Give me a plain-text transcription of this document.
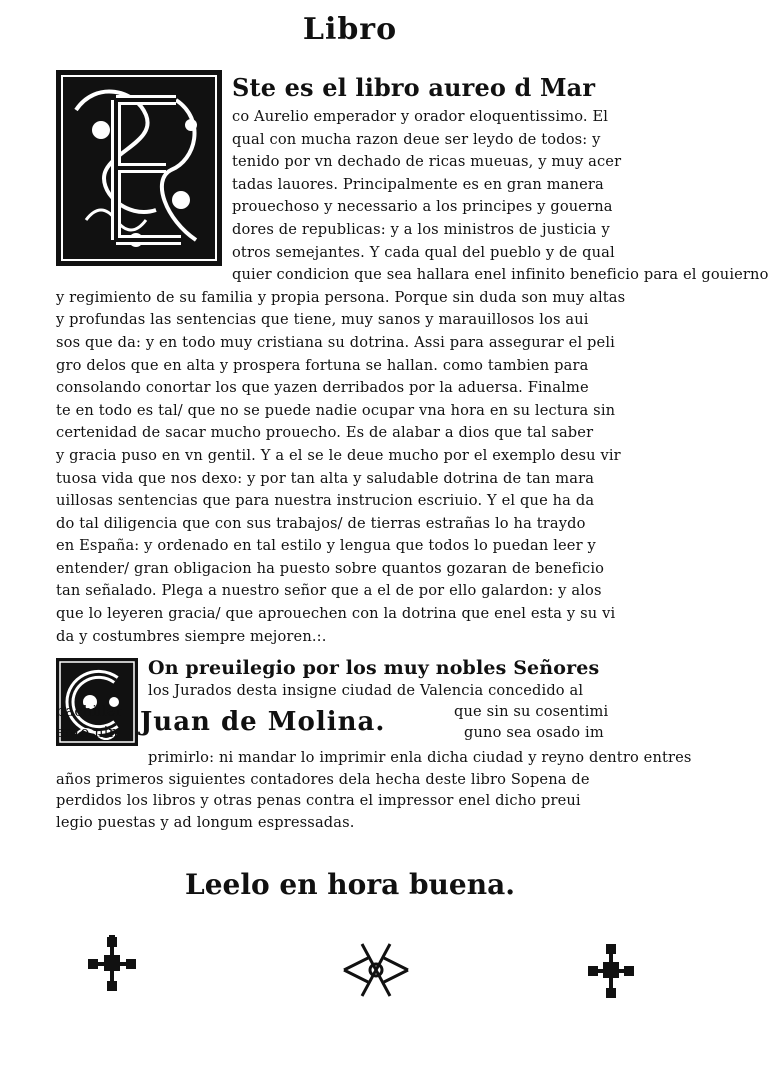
Libro
Ste es el libro aureo d Mar
co Aurelio emperador y orador eloquentissimo. El
qual con mucha razon deue ser leydo de todos: y
tenido por vn dechado de ricas mueuas, y muy acer
tadas lauores. Principalmente es en gran manera
prouechoso y necessario a los principes y gouerna
dores de republicas: y a los ministros de justicia y
otros semejantes. Y cada qual del pueblo y de qual
quier condicion que sea hallara enel infinito beneficio para el gouierno
y regimiento de su familia y propia persona. Porque sin duda son muy altas
y profundas las sentencias que tiene, muy sanos y marauillosos los aui
sos que da: y en todo muy cristiana su dotrina. Assi para assegurar el peli
gro delos que en alta y prospera fortuna se hallan. como tambien para
consolando conortar los que yazen derribados por la aduersa. Finalme
te en todo es tal/ que no se puede nadie ocupar vna hora en su lectura sin
certenidad de sacar mucho prouecho. Es de alabar a dios que tal saber
y gracia puso en vn gentil. Y a el se le deue mucho por el exemplo desu vir
tuosa vida que nos dexo: y por tan alta y saludable dotrina de tan mara
uillosas sentencias que para nuestra instrucion escriuio. Y el que ha da
do tal diligencia que con sus trabajos/ de tierras estrañas lo ha traydo
en España: y ordenado en tal estilo y lengua que todos lo puedan leer y
entender/ gran obligacion ha puesto sobre quantos gozaran de beneficio
tan señalado. Plega a nuestro señor que a el de por ello galardon: y alos
que lo leyeren gracia/ que aprouechen con la dotrina que enel esta y su vi
da y costumbres siempre mejoren.:.
On preuilegio por los muy nobles Señores
los Jurados desta insigne ciudad de Valencia concedido al
bachiller
ento nin Juan de Molina.	que sin su cosentimi
guno sea osado im
primirlo: ni mandar lo imprimir enla dicha ciudad y reyno dentro entres
años primeros siguientes contadores dela hecha deste libro Sopena de
perdidos los libros y otras penas contra el impressor enel dicho preui
legio puestas y ad longum espressadas.
Leelo en hora buena.
